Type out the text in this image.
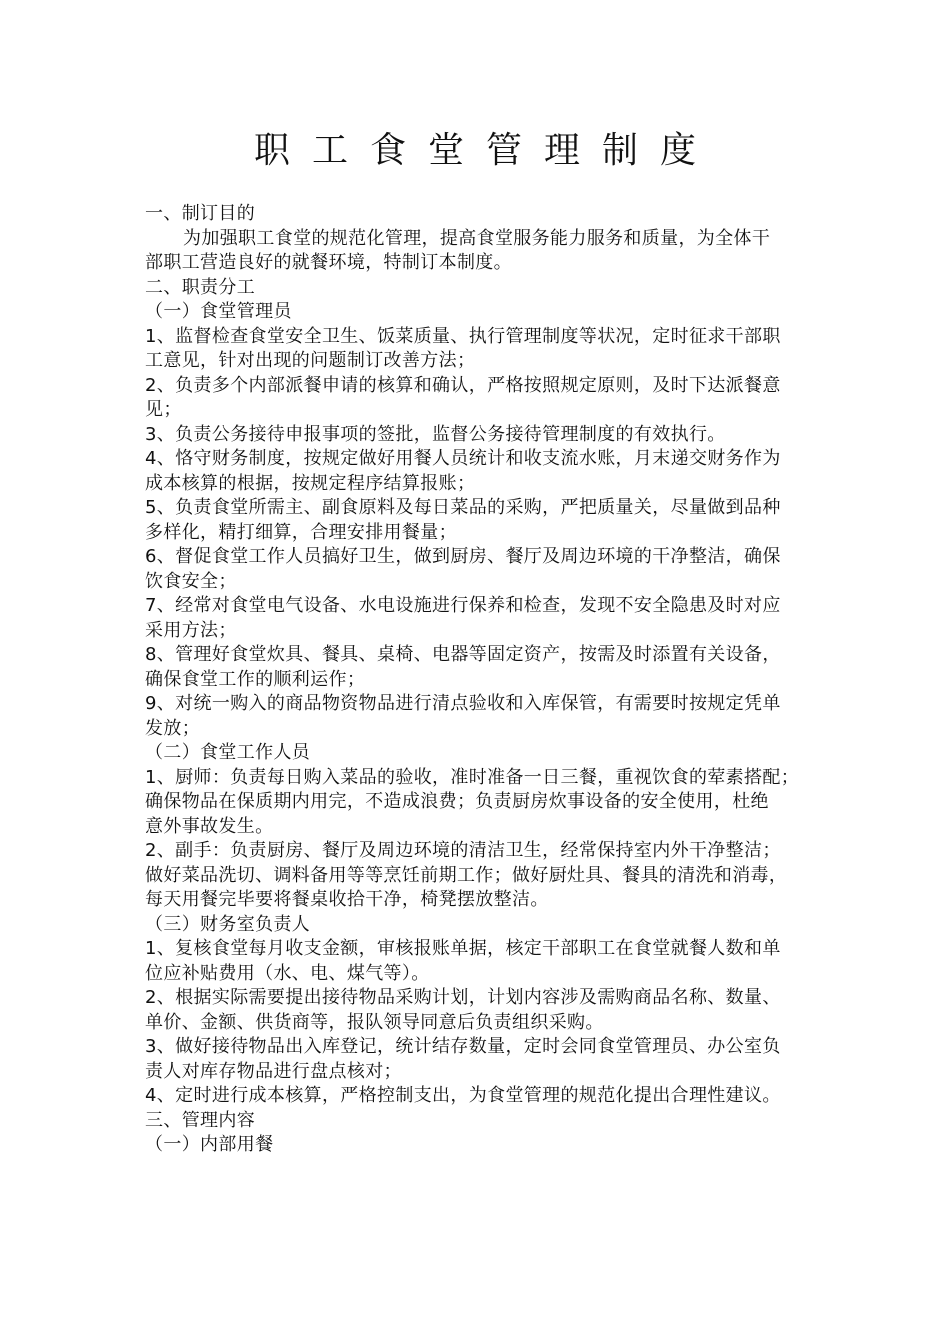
职工食堂管理制度
一、制订目的
为加强职工食堂的规范化管理，提高食堂服务能力服务和质量，为全体干
部职工营造良好的就餐环境，特制订本制度。
二、职责分工
（一）食堂管理员
1、监督检查食堂安全卫生、饭菜质量、执行管理制度等状况，定时征求干部职
工意见，针对出现的问题制订改善方法；
2、负责多个内部派餐申请的核算和确认，严格按照规定原则，及时下达派餐意
见；
3、负责公务接待申报事项的签批，监督公务接待管理制度的有效执行。
4、恪守财务制度，按规定做好用餐人员统计和收支流水账，月末递交财务作为
成本核算的根据，按规定程序结算报账；
5、负责食堂所需主、副食原料及每日菜品的采购，严把质量关，尽量做到品种
多样化，精打细算，合理安排用餐量；
6、督促食堂工作人员搞好卫生，做到厨房、餐厅及周边环境的干净整洁，确保
饮食安全；
7、经常对食堂电气设备、水电设施进行保养和检查，发现不安全隐患及时对应
采用方法；
8、管理好食堂炊具、餐具、桌椅、电器等固定资产，按需及时添置有关设备，
确保食堂工作的顺利运作；
9、对统一购入的商品物资物品进行清点验收和入库保管，有需要时按规定凭单
发放；
（二）食堂工作人员
1、厨师：负责每日购入菜品的验收，准时准备一日三餐，重视饮食的荤素搭配；
确保物品在保质期内用完，不造成浪费；负责厨房炊事设备的安全使用，杜绝
意外事故发生。
2、副手：负责厨房、餐厅及周边环境的清洁卫生，经常保持室内外干净整洁；
做好菜品洗切、调料备用等等烹饪前期工作；做好厨灶具、餐具的清洗和消毒，
每天用餐完毕要将餐桌收拾干净，椅凳摆放整洁。
（三）财务室负责人
1、复核食堂每月收支金额，审核报账单据，核定干部职工在食堂就餐人数和单
位应补贴费用（水、电、煤气等）。
2、根据实际需要提出接待物品采购计划，计划内容涉及需购商品名称、数量、
单价、金额、供货商等，报队领导同意后负责组织采购。
3、做好接待物品出入库登记，统计结存数量，定时会同食堂管理员、办公室负
责人对库存物品进行盘点核对；
4、定时进行成本核算，严格控制支出，为食堂管理的规范化提出合理性建议。
三、管理内容
（一）内部用餐
